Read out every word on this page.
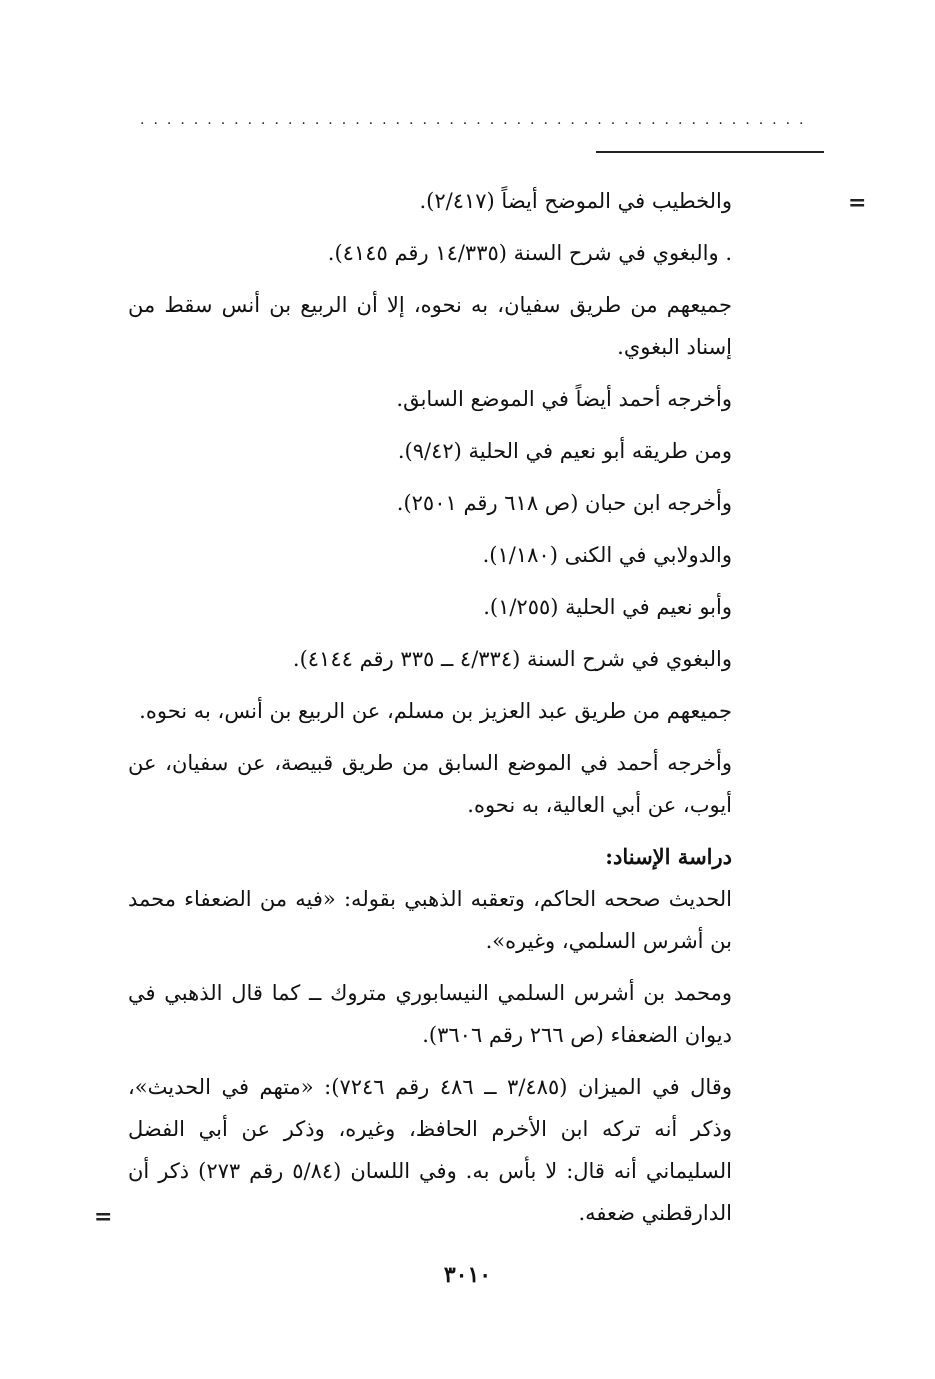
..................................................
=

والخطيب في الموضح أيضاً (٢/٤١٧).

. والبغوي في شرح السنة (١٤/٣٣٥ رقم ٤١٤٥).

جميعهم من طريق سفيان، به نحوه، إلا أن الربيع بن أنس سقط من إسناد البغوي.

وأخرجه أحمد أيضاً في الموضع السابق.

ومن طريقه أبو نعيم في الحلية (٩/٤٢).

وأخرجه ابن حبان (ص ٦١٨ رقم ٢٥٠١).

والدولابي في الكنى (١/١٨٠).

وأبو نعيم في الحلية (١/٢٥٥).

والبغوي في شرح السنة (٤/٣٣٤ ــ ٣٣٥ رقم ٤١٤٤).

جميعهم من طريق عبد العزيز بن مسلم، عن الربيع بن أنس، به نحوه.

وأخرجه أحمد في الموضع السابق من طريق قبيصة، عن سفيان، عن أيوب، عن أبي العالية، به نحوه.

دراسة الإسناد:

الحديث صححه الحاكم، وتعقبه الذهبي بقوله: «فيه من الضعفاء محمد بن أشرس السلمي، وغيره».

ومحمد بن أشرس السلمي النيسابوري متروك ــ كما قال الذهبي في ديوان الضعفاء (ص ٢٦٦ رقم ٣٦٠٦).

وقال في الميزان (٣/٤٨٥ ــ ٤٨٦ رقم ٧٢٤٦): «متهم في الحديث»، وذكر أنه تركه ابن الأخرم الحافظ، وغيره، وذكر عن أبي الفضل السليماني أنه قال: لا بأس به. وفي اللسان (٥/٨٤ رقم ٢٧٣) ذكر أن الدارقطني ضعفه.

=
٣٠١٠
